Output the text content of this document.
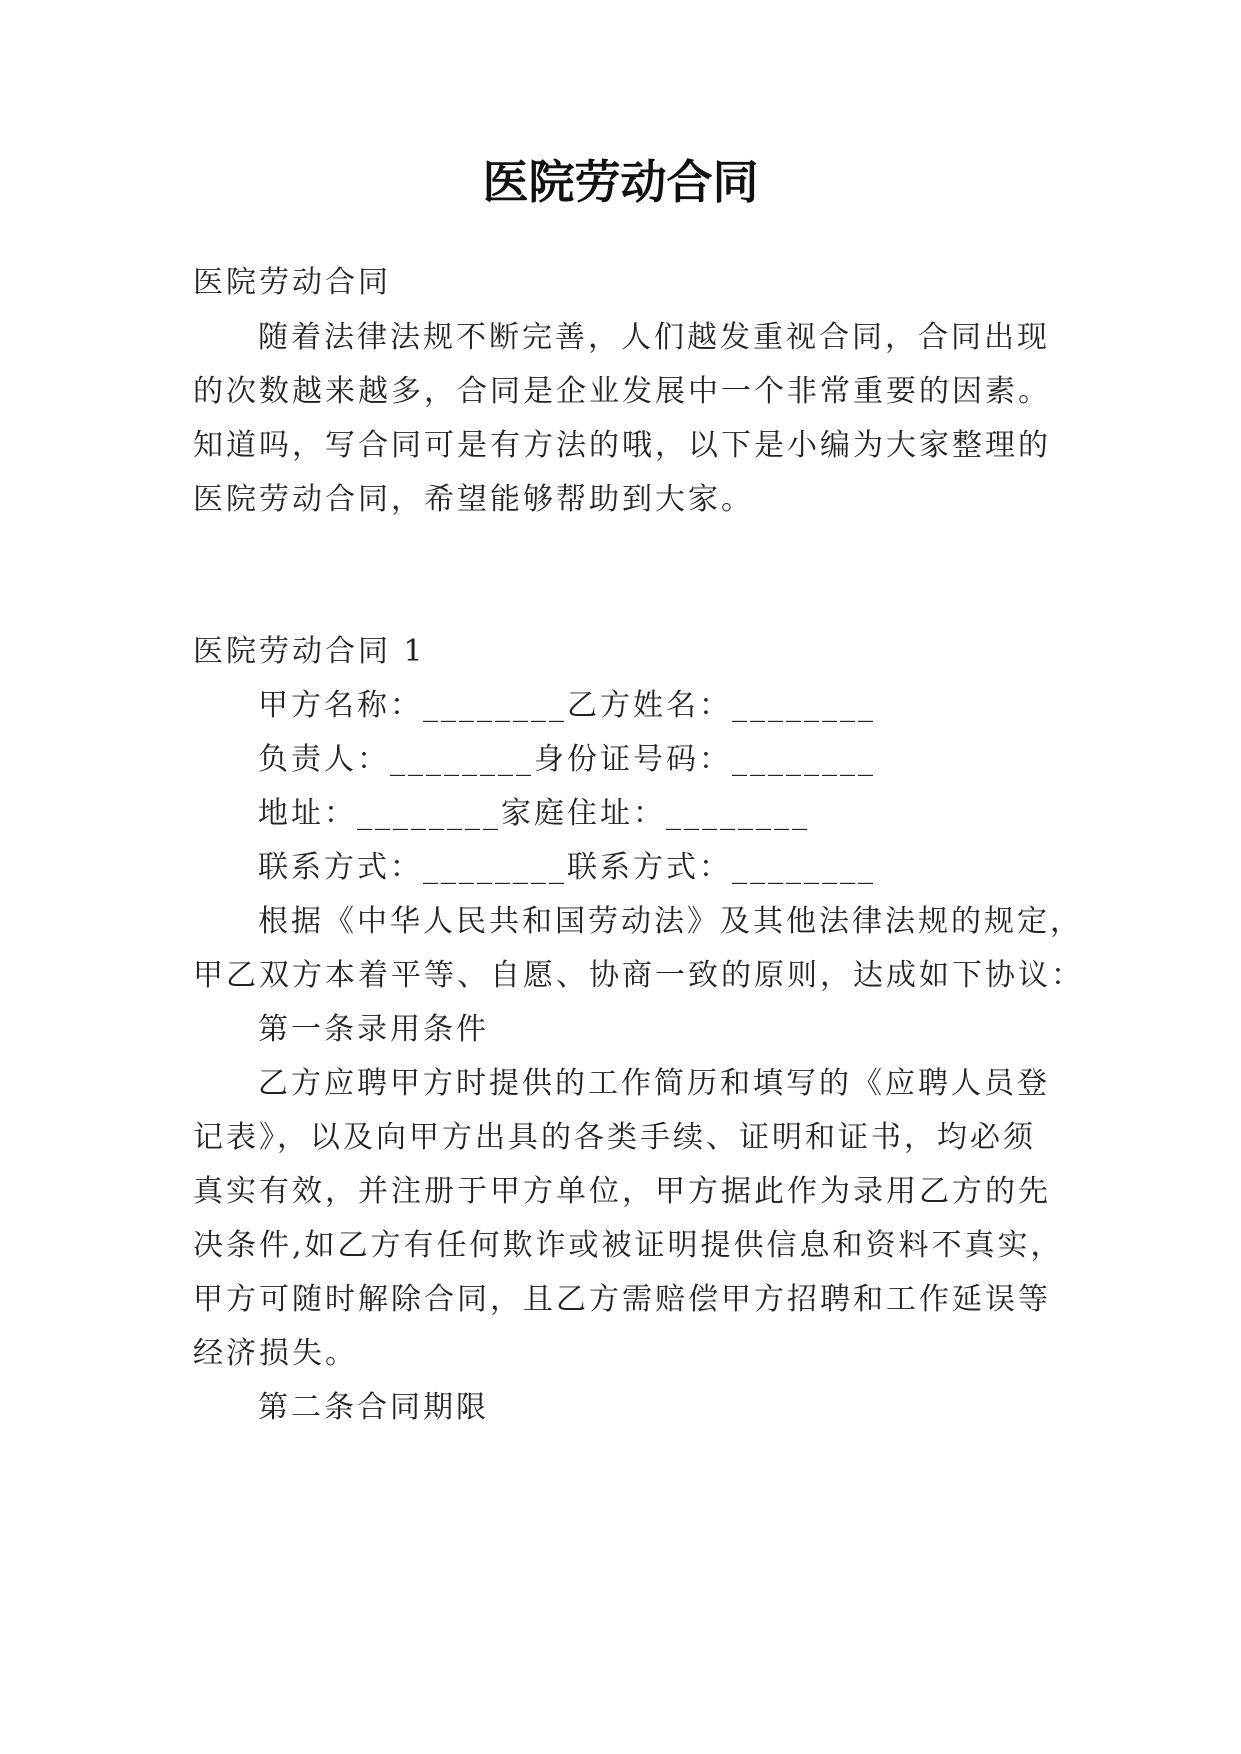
医院劳动合同
医院劳动合同
随着法律法规不断完善，人们越发重视合同，合同出现
的次数越来越多，合同是企业发展中一个非常重要的因素。
知道吗，写合同可是有方法的哦，以下是小编为大家整理的
医院劳动合同，希望能够帮助到大家。
医院劳动合同 1
甲方名称：________乙方姓名：________
负责人：________身份证号码：________
地址：________家庭住址：________
联系方式：________联系方式：________
根据《中华人民共和国劳动法》及其他法律法规的规定，
甲乙双方本着平等、自愿、协商一致的原则，达成如下协议：
第一条录用条件
乙方应聘甲方时提供的工作简历和填写的《应聘人员登
记表》，以及向甲方出具的各类手续、证明和证书，均必须
真实有效，并注册于甲方单位，甲方据此作为录用乙方的先
决条件,如乙方有任何欺诈或被证明提供信息和资料不真实，
甲方可随时解除合同，且乙方需赔偿甲方招聘和工作延误等
经济损失。
第二条合同期限
